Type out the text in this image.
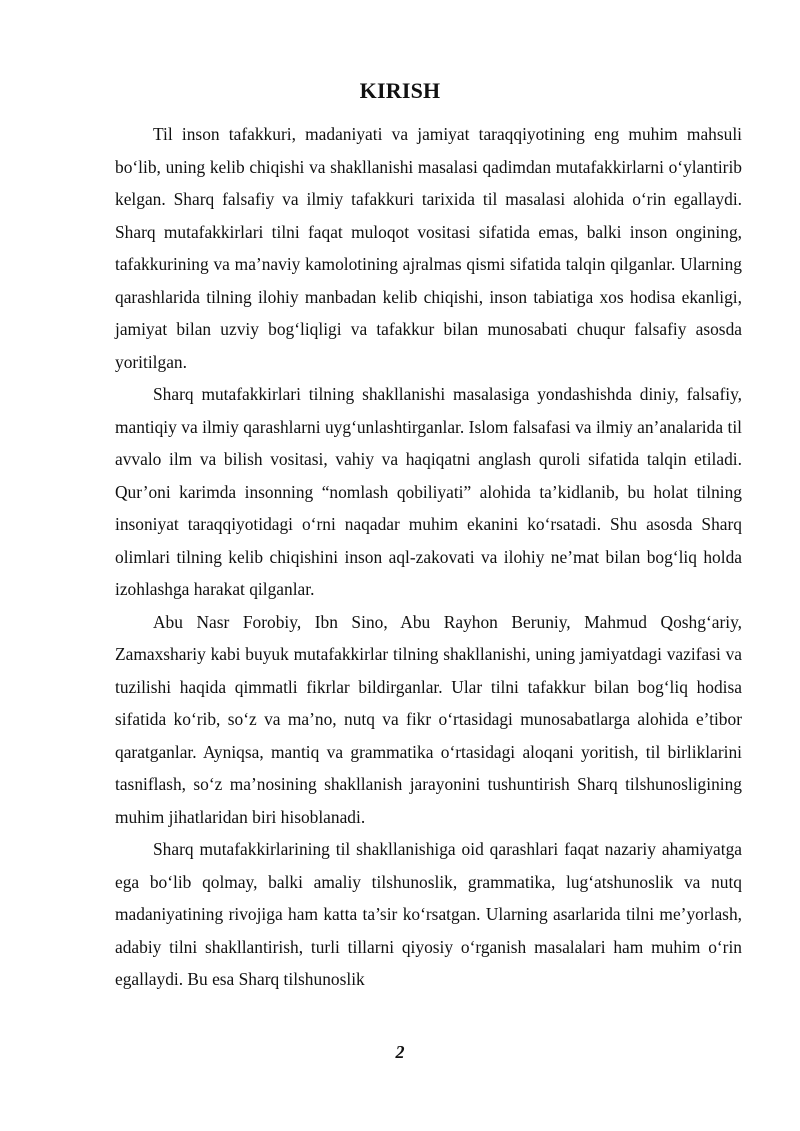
KIRISH

Til inson tafakkuri, madaniyati va jamiyat taraqqiyotining eng muhim mahsuli bo‘lib, uning kelib chiqishi va shakllanishi masalasi qadimdan mutafakkirlarni o‘ylantirib kelgan. Sharq falsafiy va ilmiy tafakkuri tarixida til masalasi alohida o‘rin egallaydi. Sharq mutafakkirlari tilni faqat muloqot vositasi sifatida emas, balki inson ongining, tafakkurining va ma’naviy kamolotining ajralmas qismi sifatida talqin qilganlar. Ularning qarashlarida tilning ilohiy manbadan kelib chiqishi, inson tabiatiga xos hodisa ekanligi, jamiyat bilan uzviy bog‘liqligi va tafakkur bilan munosabati chuqur falsafiy asosda yoritilgan.

Sharq mutafakkirlari tilning shakllanishi masalasiga yondashishda diniy, falsafiy, mantiqiy va ilmiy qarashlarni uyg‘unlashtirganlar. Islom falsafasi va ilmiy an’analarida til avvalo ilm va bilish vositasi, vahiy va haqiqatni anglash quroli sifatida talqin etiladi. Qur’oni karimda insonning “nomlash qobiliyati” alohida ta’kidlanib, bu holat tilning insoniyat taraqqiyotidagi o‘rni naqadar muhim ekanini ko‘rsatadi. Shu asosda Sharq olimlari tilning kelib chiqishini inson aql-zakovati va ilohiy ne’mat bilan bog‘liq holda izohlashga harakat qilganlar.

Abu Nasr Forobiy, Ibn Sino, Abu Rayhon Beruniy, Mahmud Qoshg‘ariy, Zamaxshariy kabi buyuk mutafakkirlar tilning shakllanishi, uning jamiyatdagi vazifasi va tuzilishi haqida qimmatli fikrlar bildirganlar. Ular tilni tafakkur bilan bog‘liq hodisa sifatida ko‘rib, so‘z va ma’no, nutq va fikr o‘rtasidagi munosabatlarga alohida e’tibor qaratganlar. Ayniqsa, mantiq va grammatika o‘rtasidagi aloqani yoritish, til birliklarini tasniflash, so‘z ma’nosining shakllanish jarayonini tushuntirish Sharq tilshunosligining muhim jihatlaridan biri hisoblanadi.

Sharq mutafakkirlarining til shakllanishiga oid qarashlari faqat nazariy ahamiyatga ega bo‘lib qolmay, balki amaliy tilshunoslik, grammatika, lug‘atshunoslik va nutq madaniyatining rivojiga ham katta ta’sir ko‘rsatgan. Ularning asarlarida tilni me’yorlash, adabiy tilni shakllantirish, turli tillarni qiyosiy o‘rganish masalalari ham muhim o‘rin egallaydi. Bu esa Sharq tilshunoslik

2
